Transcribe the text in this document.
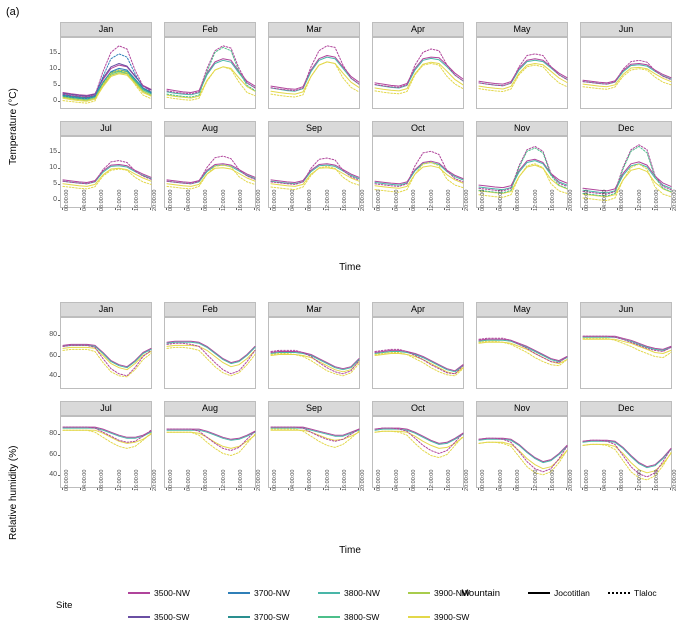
(a)
Jan
0
5
10
15
Feb	Mar	Apr	May	Jun
Jul
0
5
10
15
00:00:00 04:00:00 08:00:00 12:00:00 16:00:00 20:00:00
Aug
00:00:00 04:00:00 08:00:00 12:00:00 16:00:00 20:00:00
Sep
00:00:00 04:00:00 08:00:00 12:00:00 16:00:00 20:00:00
Oct
00:00:00 04:00:00 08:00:00 12:00:00 16:00:00 20:00:00
Nov
00:00:00 04:00:00 08:00:00 12:00:00 16:00:00 20:00:00
Dec
00:00:00 04:00:00 08:00:00 12:00:00 16:00:00 20:00:00
Temperature (°C)
Time
Jan
40
60
80
Feb	Mar	Apr	May	Jun
Jul
40
60
80
00:00:00 04:00:00 08:00:00 12:00:00 16:00:00 20:00:00
Aug
00:00:00 04:00:00 08:00:00 12:00:00 16:00:00 20:00:00
Sep
00:00:00 04:00:00 08:00:00 12:00:00 16:00:00 20:00:00
Oct
00:00:00 04:00:00 08:00:00 12:00:00 16:00:00 20:00:00
Nov
00:00:00 04:00:00 08:00:00 12:00:00 16:00:00 20:00:00
Dec
00:00:00 04:00:00 08:00:00 12:00:00 16:00:00 20:00:00
Relative humidity (%)
Time
Site
3500-NW
3500-SW
3700-NW
3700-SW
3800-NW
3800-SW
3900-NW
3900-SW
Mountain	Jocotitlan	Tlaloc
